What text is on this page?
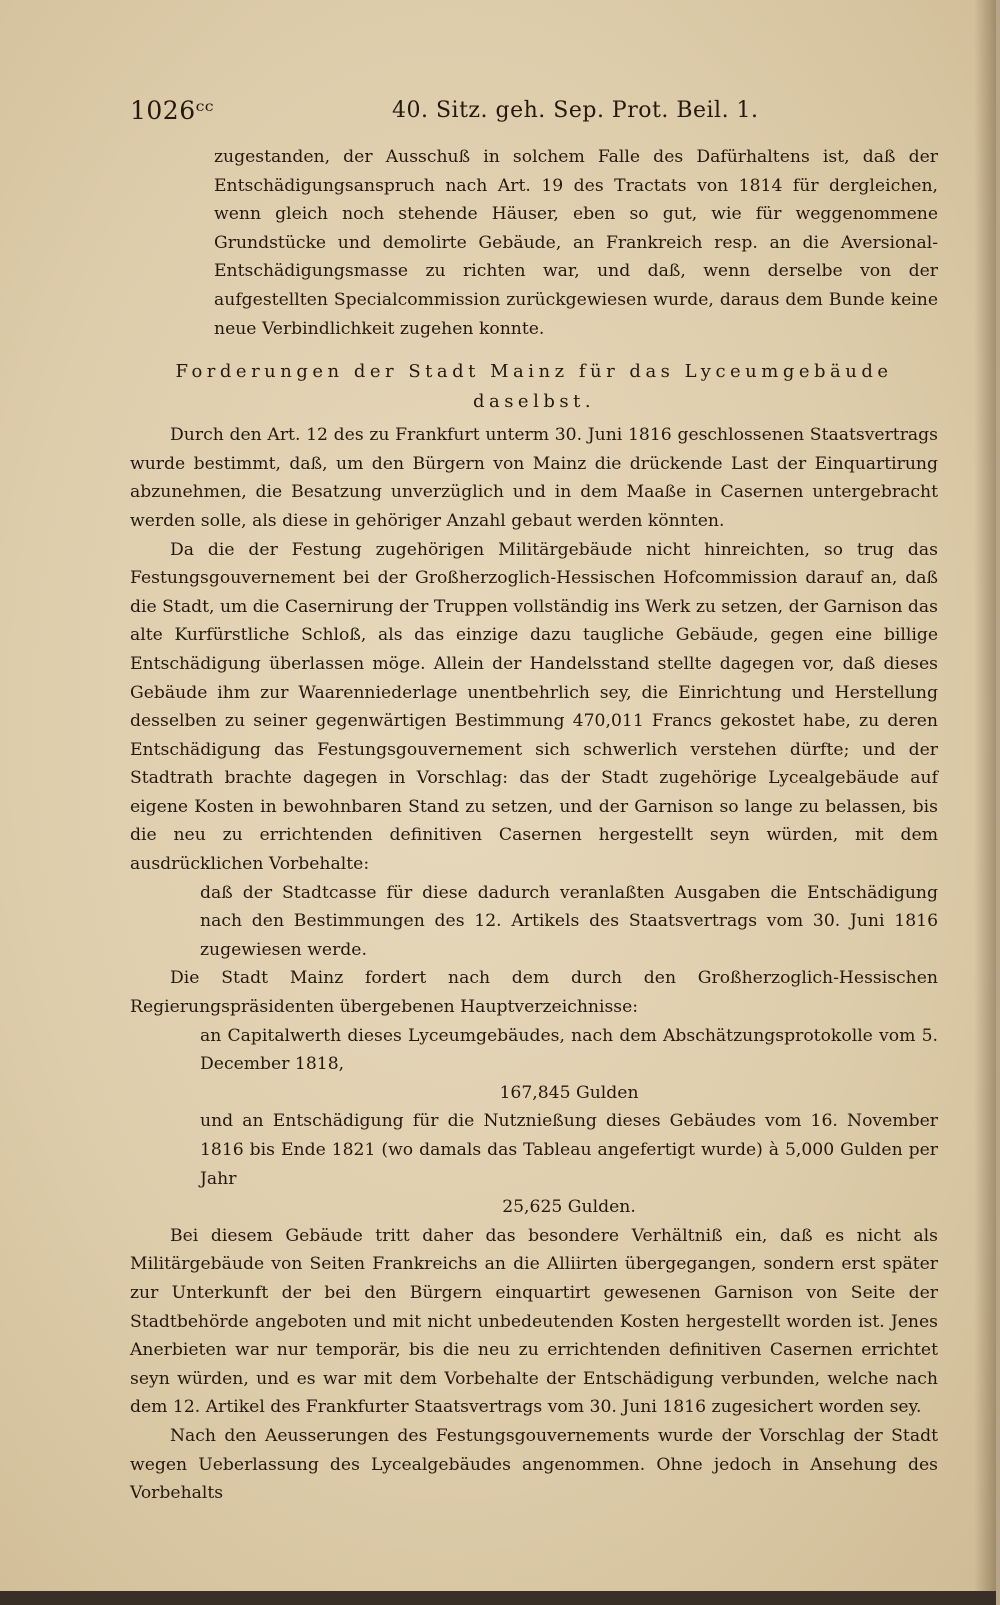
1026ᶜᶜ	40. Sitz. geh. Sep. Prot. Beil. 1.

zugestanden, der Ausschuß in solchem Falle des Dafürhaltens ist, daß der Entschädigungsanspruch nach Art. 19 des Tractats von 1814 für dergleichen, wenn gleich noch stehende Häuser, eben so gut, wie für weggenommene Grundstücke und demolirte Gebäude, an Frankreich resp. an die Aversional-Entschädigungsmasse zu richten war, und daß, wenn derselbe von der aufgestellten Specialcommission zurückgewiesen wurde, daraus dem Bunde keine neue Verbindlichkeit zugehen konnte.

Forderungen der Stadt Mainz für das Lyceumgebäude daselbst.

Durch den Art. 12 des zu Frankfurt unterm 30. Juni 1816 geschlossenen Staatsvertrags wurde bestimmt, daß, um den Bürgern von Mainz die drückende Last der Einquartirung abzunehmen, die Besatzung unverzüglich und in dem Maaße in Casernen untergebracht werden solle, als diese in gehöriger Anzahl gebaut werden könnten.

Da die der Festung zugehörigen Militärgebäude nicht hinreichten, so trug das Festungsgouvernement bei der Großherzoglich-Hessischen Hofcommission darauf an, daß die Stadt, um die Casernirung der Truppen vollständig ins Werk zu setzen, der Garnison das alte Kurfürstliche Schloß, als das einzige dazu taugliche Gebäude, gegen eine billige Entschädigung überlassen möge. Allein der Handelsstand stellte dagegen vor, daß dieses Gebäude ihm zur Waarenniederlage unentbehrlich sey, die Einrichtung und Herstellung desselben zu seiner gegenwärtigen Bestimmung 470,011 Francs gekostet habe, zu deren Entschädigung das Festungsgouvernement sich schwerlich verstehen dürfte; und der Stadtrath brachte dagegen in Vorschlag: das der Stadt zugehörige Lycealgebäude auf eigene Kosten in bewohnbaren Stand zu setzen, und der Garnison so lange zu belassen, bis die neu zu errichtenden definitiven Casernen hergestellt seyn würden, mit dem ausdrücklichen Vorbehalte:

daß der Stadtcasse für diese dadurch veranlaßten Ausgaben die Entschädigung nach den Bestimmungen des 12. Artikels des Staatsvertrags vom 30. Juni 1816 zugewiesen werde.

Die Stadt Mainz fordert nach dem durch den Großherzoglich-Hessischen Regierungspräsidenten übergebenen Hauptverzeichnisse:

an Capitalwerth dieses Lyceumgebäudes, nach dem Abschätzungsprotokolle vom 5. December 1818,

167,845 Gulden

und an Entschädigung für die Nutznießung dieses Gebäudes vom 16. November 1816 bis Ende 1821 (wo damals das Tableau angefertigt wurde) à 5,000 Gulden per Jahr

25,625 Gulden.

Bei diesem Gebäude tritt daher das besondere Verhältniß ein, daß es nicht als Militärgebäude von Seiten Frankreichs an die Alliirten übergegangen, sondern erst später zur Unterkunft der bei den Bürgern einquartirt gewesenen Garnison von Seite der Stadtbehörde angeboten und mit nicht unbedeutenden Kosten hergestellt worden ist. Jenes Anerbieten war nur temporär, bis die neu zu errichtenden definitiven Casernen errichtet seyn würden, und es war mit dem Vorbehalte der Entschädigung verbunden, welche nach dem 12. Artikel des Frankfurter Staatsvertrags vom 30. Juni 1816 zugesichert worden sey.

Nach den Aeusserungen des Festungsgouvernements wurde der Vorschlag der Stadt wegen Ueberlassung des Lycealgebäudes angenommen. Ohne jedoch in Ansehung des Vorbehalts
